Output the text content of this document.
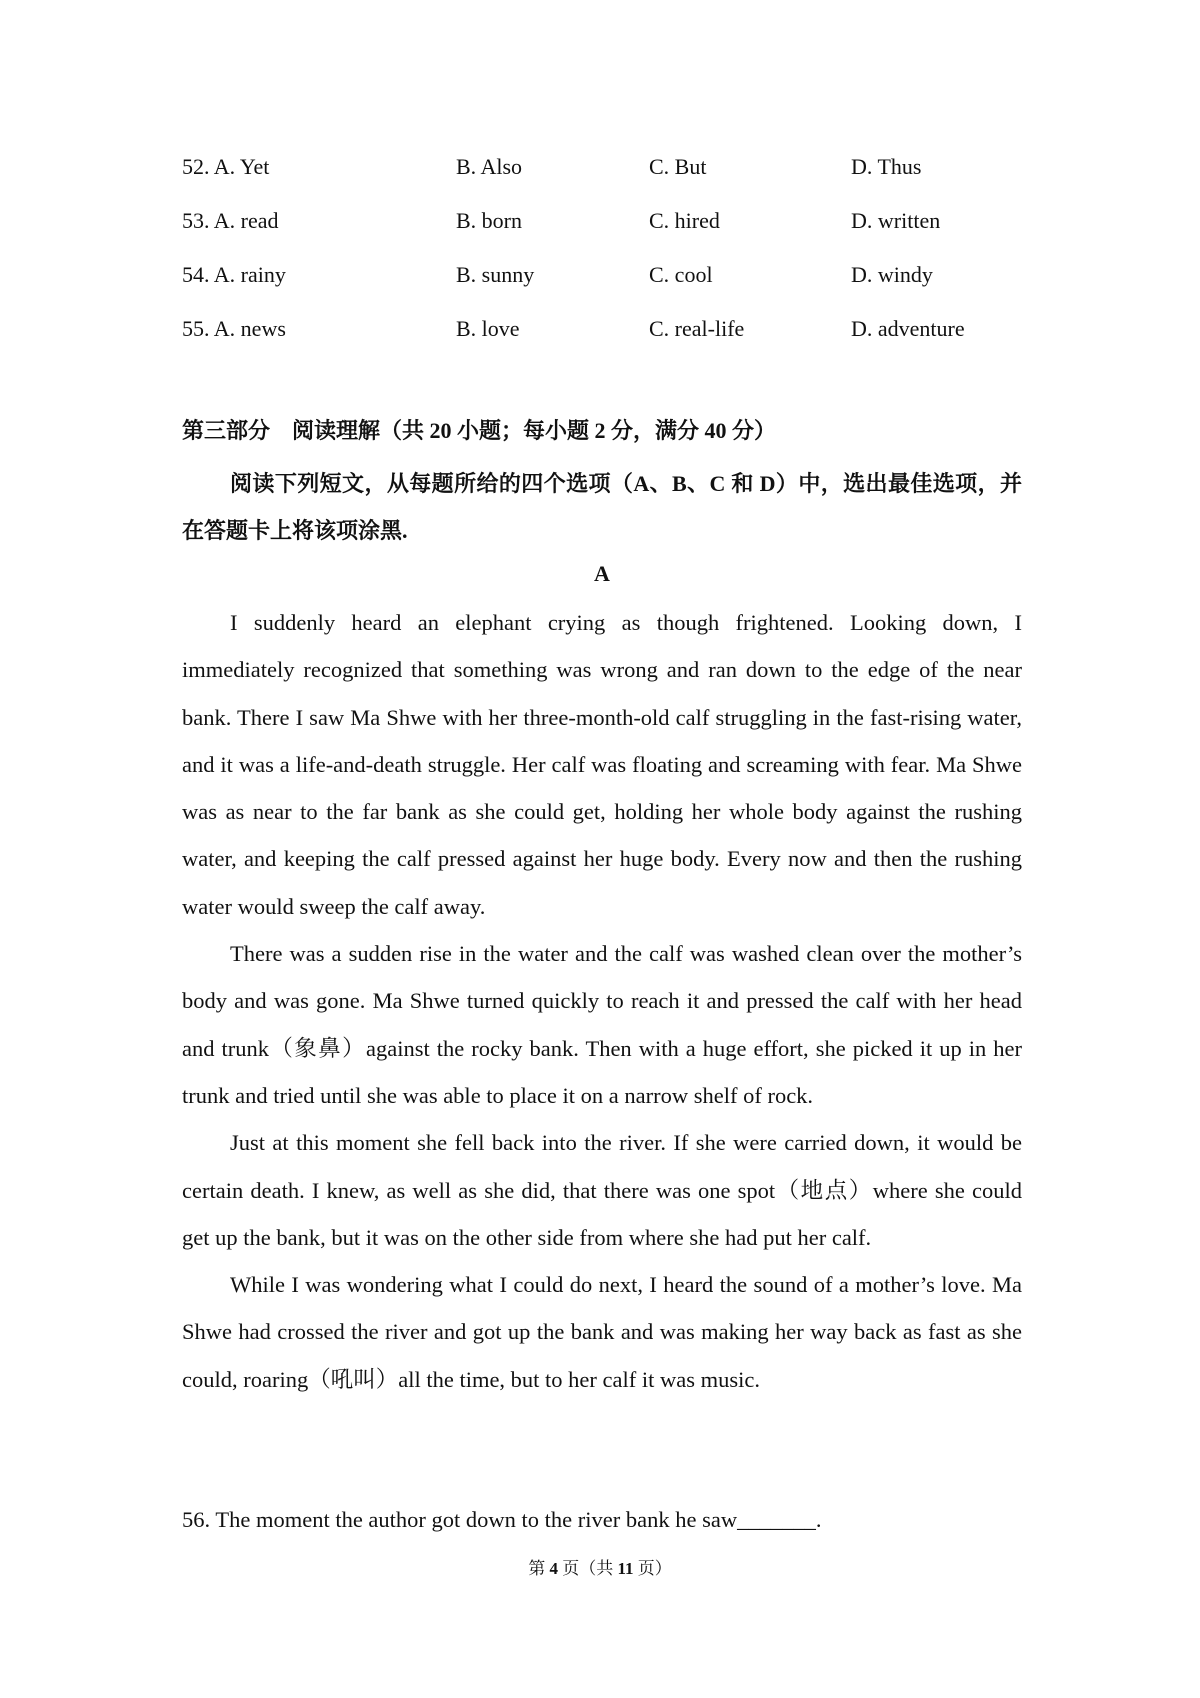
52. A. Yet	B. Also	C. But	D. Thus
53. A. read	B. born	C. hired	D. written
54. A. rainy	B. sunny	C. cool	D. windy
55. A. news	B. love	C. real-life	D. adventure
第三部分　阅读理解（共 20 小题；每小题 2 分，满分 40 分）

阅读下列短文，从每题所给的四个选项（A、B、C 和 D）中，选出最佳选项，并在答题卡上将该项涂黑.

A

I suddenly heard an elephant crying as though frightened. Looking down, I immediately recognized that something was wrong and ran down to the edge of the near bank. There I saw Ma Shwe with her three-month-old calf struggling in the fast-rising water, and it was a life-and-death struggle. Her calf was floating and screaming with fear. Ma Shwe was as near to the far bank as she could get, holding her whole body against the rushing water, and keeping the calf pressed against her huge body. Every now and then the rushing water would sweep the calf away.

There was a sudden rise in the water and the calf was washed clean over the mother’s body and was gone. Ma Shwe turned quickly to reach it and pressed the calf with her head and trunk（象鼻）against the rocky bank. Then with a huge effort, she picked it up in her trunk and tried until she was able to place it on a narrow shelf of rock.

Just at this moment she fell back into the river. If she were carried down, it would be certain death. I knew, as well as she did, that there was one spot（地点）where she could get up the bank, but it was on the other side from where she had put her calf.

While I was wondering what I could do next, I heard the sound of a mother’s love. Ma Shwe had crossed the river and got up the bank and was making her way back as fast as she could, roaring（吼叫）all the time, but to her calf it was music.

56. The moment the author got down to the river bank he saw_______.
第 4 页（共 11 页）
